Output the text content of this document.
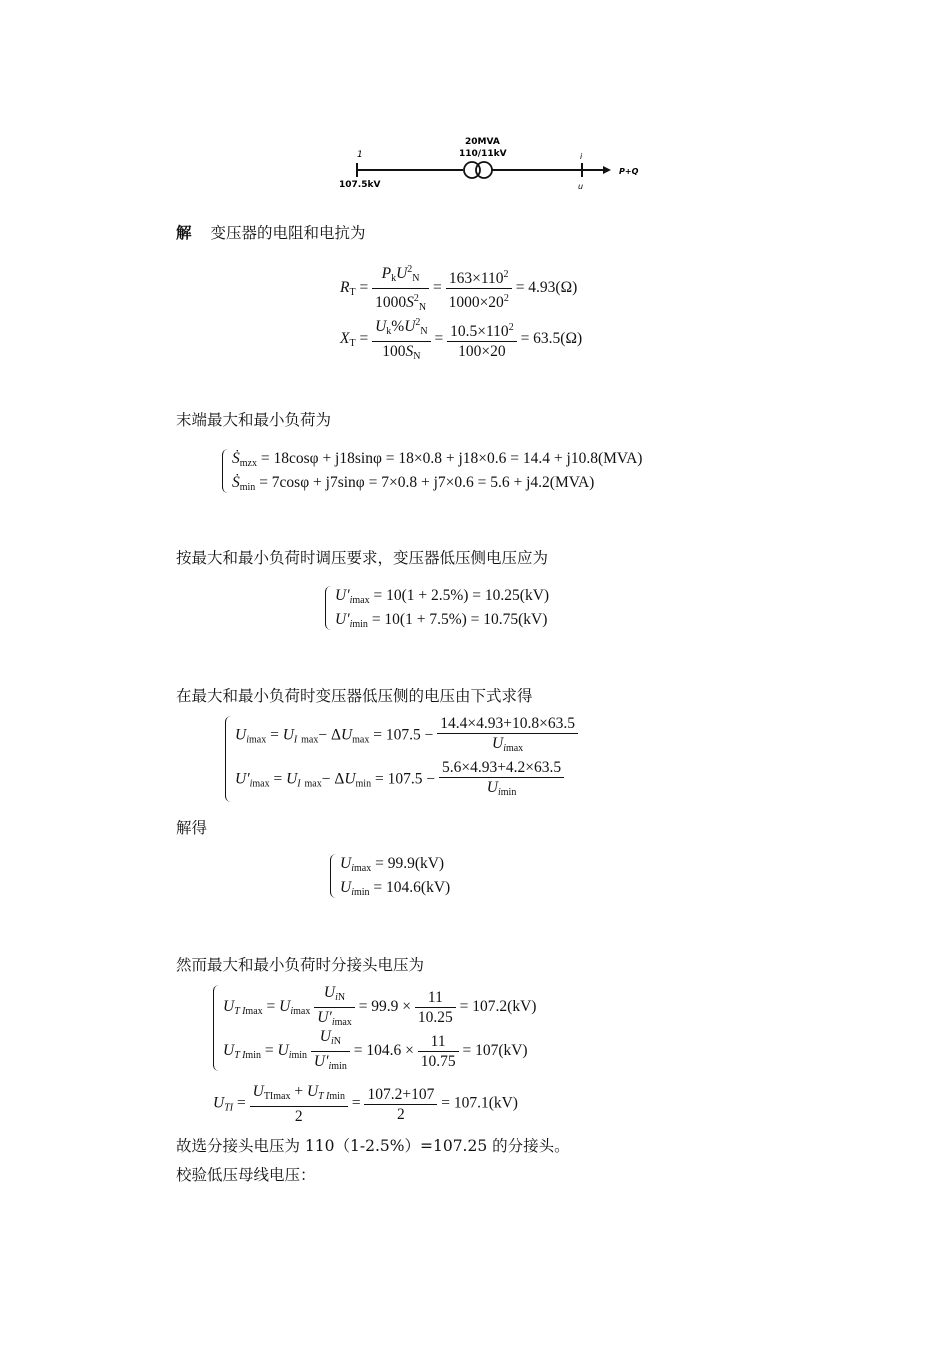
20MVA
110/11kV
1	i
P+Q
107.5kV	u
解 变压器的电阻和电抗为
$R_T = \frac{P_kU^2_N}{1000S^2_N} = \frac{163\times 110^2}{1000\times 20^2} = 4.93(\Omega)$
$X_T = \frac{U_k\%U^2_N}{100S_N} = \frac{10.5\times 110^2}{100\times 20} = 63.5(\Omega)$
末端最大和最小负荷为
Ṡ$_{mzx}$ = 18cosφ + j18sinφ = 18×0.8 + j18×0.6 = 14.4 + j10.8(MVA)
Ṡ$_{min}$ = 7cosφ + j7sinφ = 7×0.8 + j7×0.6 = 5.6 + j4.2(MVA)
按最大和最小负荷时调压要求，变压器低压侧电压应为
$U'_{imax} = 10(1 + 2.5\%) = 10.25(kV)$
$U'_{imin} = 10(1 + 7.5\%) = 10.75(kV)$
在最大和最小负荷时变压器低压侧的电压由下式求得
$U_{imax} = U_I$ $_{max}- \Delta U_{max} = 107.5 - \frac{14.4\times 4.93+10.8\times 63.5}{U_{imax}}$
$U'_{imax} = U_I$ $_{max}- \Delta U_{min} = 107.5 - \frac{5.6\times 4.93+4.2\times 63.5}{U_{imin}}$
解得
$U_{imax} = 99.9(kV)$
$U_{imin} = 104.6(kV)$
然而最大和最小负荷时分接头电压为
$U_{T Imax} = U_{imax} \frac{U_{iN}}{U'_{imax}} = 99.9 \times \frac{11}{10.25} = 107.2(kV)$
$U_{T Imin} = U_{imin} \frac{U_{iN}}{U'_{imin}} = 104.6 \times \frac{11}{10.75} = 107(kV)$
$U_{TI} = \frac{U_{TImax} + U_{T Imin}}{2} = \frac{107.2+107}{2} = 107.1(kV)$
故选分接头电压为 110（1-2.5%）=107.25 的分接头。
校验低压母线电压：
